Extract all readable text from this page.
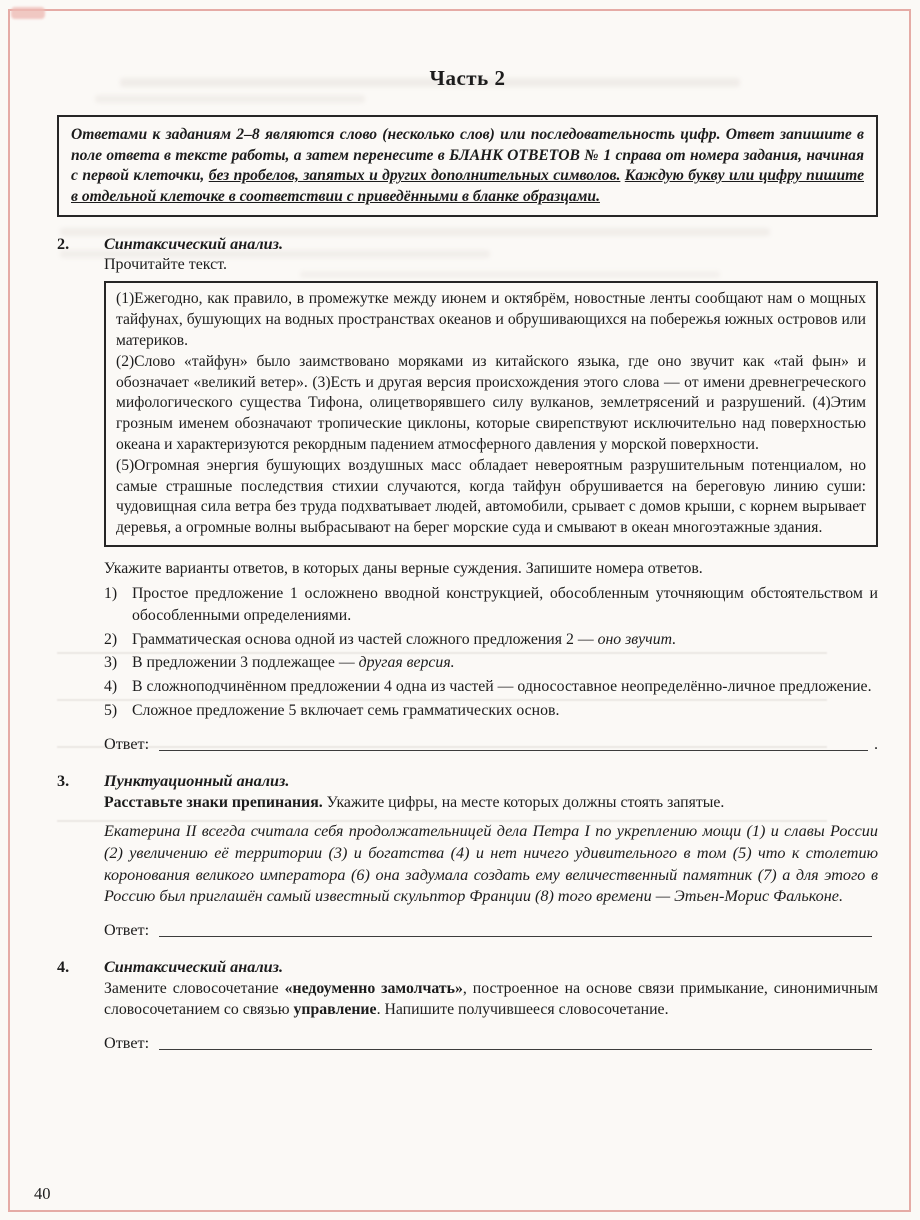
Часть 2
Ответами к заданиям 2–8 являются слово (несколько слов) или последовательность цифр. Ответ запишите в поле ответа в тексте работы, а затем перенесите в БЛАНК ОТВЕТОВ № 1 справа от номера задания, начиная с первой клеточки, без пробелов, запятых и других дополнительных символов. Каждую букву или цифру пишите в отдельной клеточке в соответствии с приведёнными в бланке образцами.
2.	Синтаксический анализ.
Прочитайте текст.

(1)Ежегодно, как правило, в промежутке между июнем и октябрём, новостные ленты сообщают нам о мощных тайфунах, бушующих на водных пространствах океанов и обрушивающихся на побережья южных островов или материков.

(2)Слово «тайфун» было заимствовано моряками из китайского языка, где оно звучит как «тай фын» и обозначает «великий ветер». (3)Есть и другая версия происхождения этого слова — от имени древнегреческого мифологического существа Тифона, олицетворявшего силу вулканов, землетрясений и разрушений. (4)Этим грозным именем обозначают тропические циклоны, которые свирепствуют исключительно над поверхностью океана и характеризуются рекордным падением атмосферного давления у морской поверхности.

(5)Огромная энергия бушующих воздушных масс обладает невероятным разрушительным потенциалом, но самые страшные последствия стихии случаются, когда тайфун обрушивается на береговую линию суши: чудовищная сила ветра без труда подхватывает людей, автомобили, срывает с домов крыши, с корнем вырывает деревья, а огромные волны выбрасывают на берег морские суда и смывают в океан многоэтажные здания.

Укажите варианты ответов, в которых даны верные суждения. Запишите номера ответов.
1) Простое предложение 1 осложнено вводной конструкцией, обособленным уточняющим обстоятельством и обособленными определениями.
2) Грамматическая основа одной из частей сложного предложения 2 — оно звучит.
3) В предложении 3 подлежащее — другая версия.
4) В сложноподчинённом предложении 4 одна из частей — односоставное неопределённо-личное предложение.
5) Сложное предложение 5 включает семь грамматических основ.
Ответ:	.
3.	Пунктуационный анализ.
Расставьте знаки препинания. Укажите цифры, на месте которых должны стоять запятые.

Екатерина II всегда считала себя продолжательницей дела Петра I по укреплению мощи (1) и славы России (2) увеличению её территории (3) и богатства (4) и нет ничего удивительного в том (5) что к столетию коронования великого императора (6) она задумала создать ему величественный памятник (7) а для этого в Россию был приглашён самый известный скульптор Франции (8) того времени — Этьен-Морис Фальконе.

Ответ:
4.	Синтаксический анализ.
Замените словосочетание «недоуменно замолчать», построенное на основе связи примыкание, синонимичным словосочетанием со связью управление. Напишите получившееся словосочетание.
Ответ:
40
